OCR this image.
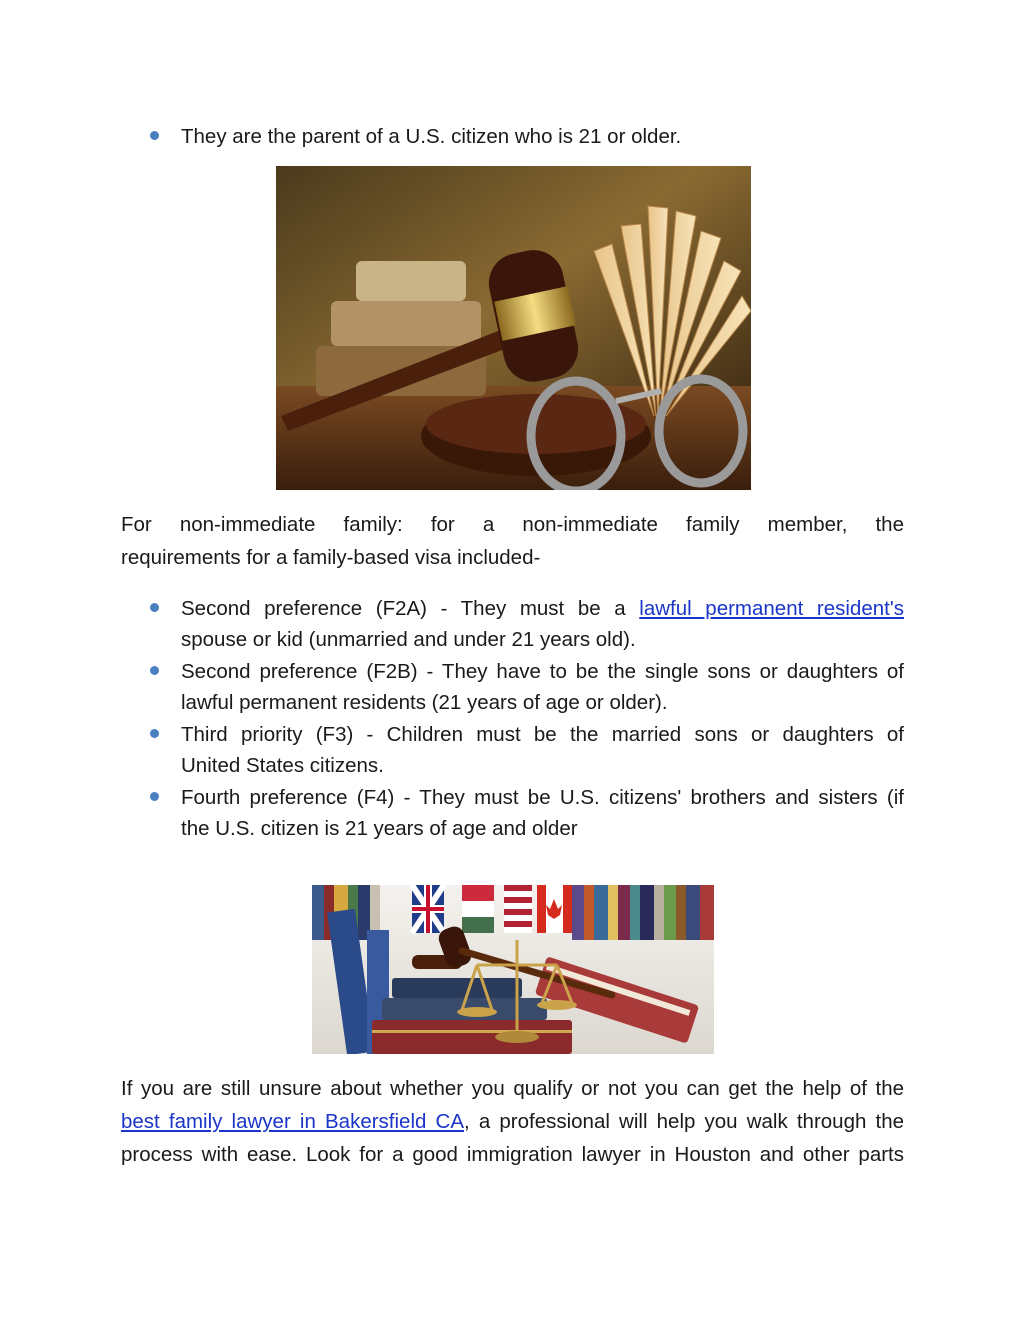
They are the parent of a U.S. citizen who is 21 or older.
For non-immediate family: for a non-immediate family member, the
requirements for a family-based visa included-
Second preference (F2A) - They must be a lawful permanent resident's
spouse or kid (unmarried and under 21 years old).
Second preference (F2B) - They have to be the single sons or daughters of
lawful permanent residents (21 years of age or older).
Third priority (F3) - Children must be the married sons or daughters of
United States citizens.
Fourth preference (F4) - They must be U.S. citizens' brothers and sisters (if
the U.S. citizen is 21 years of age and older
If you are still unsure about whether you qualify or not you can get the help of the
best family lawyer in Bakersfield CA, a professional will help you walk through the
process with ease. Look for a good immigration lawyer in Houston and other parts
